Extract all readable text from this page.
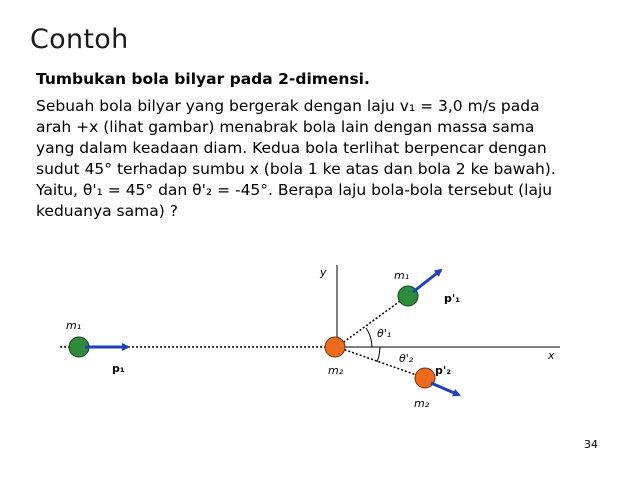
Contoh
Tumbukan bola bilyar pada 2-dimensi.
Sebuah bola bilyar yang bergerak dengan laju v₁ = 3,0 m/s pada
arah +x (lihat gambar) menabrak bola lain dengan massa sama
yang dalam keadaan diam. Kedua bola terlihat berpencar dengan
sudut 45° terhadap sumbu x (bola 1 ke atas dan bola 2 ke bawah).
Yaitu, θ'₁ = 45° dan θ'₂ = -45°. Berapa laju bola-bola tersebut (laju
keduanya sama) ?
y
x
m₁
p₁
θ'₁
θ'₂
m₂
m₁
p'₁
p'₂
m₂
34
